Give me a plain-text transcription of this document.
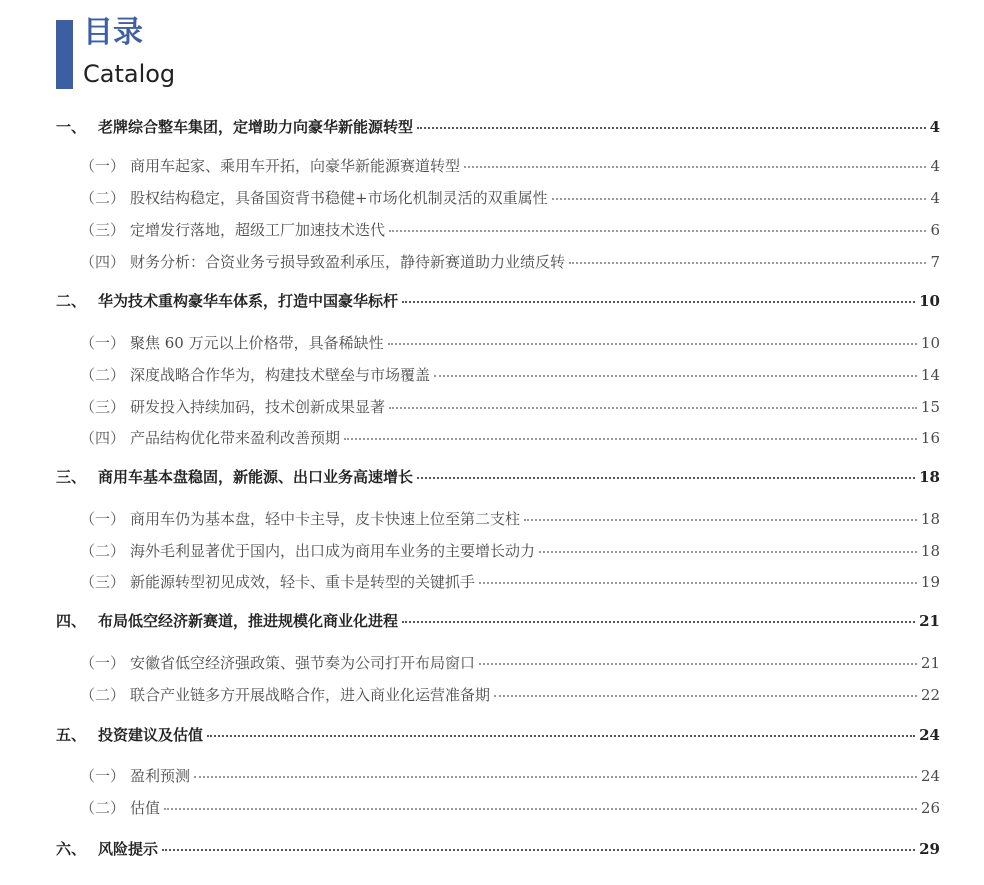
目录
Catalog
一、 老牌综合整车集团，定增助力向豪华新能源转型	4
（一） 商用车起家、乘用车开拓，向豪华新能源赛道转型	4
（二） 股权结构稳定，具备国资背书稳健+市场化机制灵活的双重属性	4
（三） 定增发行落地，超级工厂加速技术迭代	6
（四） 财务分析：合资业务亏损导致盈利承压，静待新赛道助力业绩反转	7
二、 华为技术重构豪华车体系，打造中国豪华标杆	10
（一） 聚焦 60 万元以上价格带，具备稀缺性	10
（二） 深度战略合作华为，构建技术壁垒与市场覆盖	14
（三） 研发投入持续加码，技术创新成果显著	15
（四） 产品结构优化带来盈利改善预期	16
三、 商用车基本盘稳固，新能源、出口业务高速增长	18
（一） 商用车仍为基本盘，轻中卡主导，皮卡快速上位至第二支柱	18
（二） 海外毛利显著优于国内，出口成为商用车业务的主要增长动力	18
（三） 新能源转型初见成效，轻卡、重卡是转型的关键抓手	19
四、 布局低空经济新赛道，推进规模化商业化进程	21
（一） 安徽省低空经济强政策、强节奏为公司打开布局窗口	21
（二） 联合产业链多方开展战略合作，进入商业化运营准备期	22
五、 投资建议及估值	24
（一） 盈利预测	24
（二） 估值	26
六、 风险提示	29
